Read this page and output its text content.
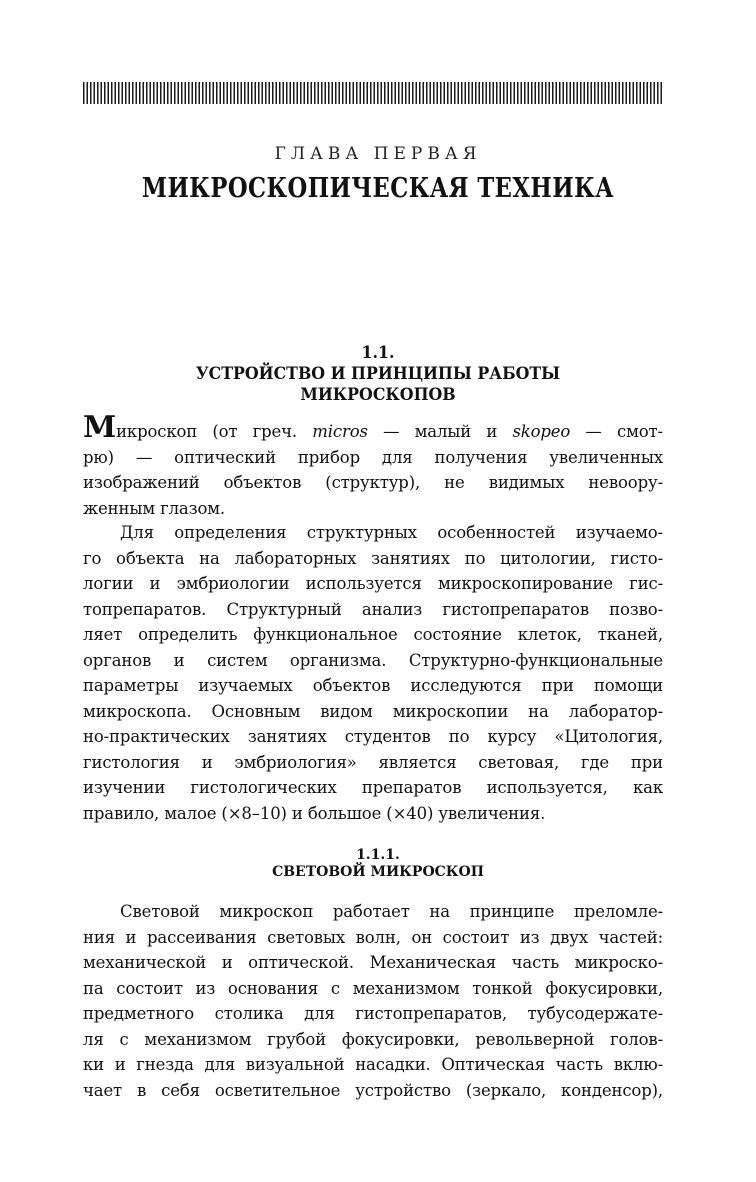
ГЛАВА ПЕРВАЯ
МИКРОСКОПИЧЕСКАЯ ТЕХНИКА
1.1.
УСТРОЙСТВО И ПРИНЦИПЫ РАБОТЫ
МИКРОСКОПОВ
Микроскоп (от греч. micros — малый и skopeo — смот-
рю) — оптический прибор для получения увеличенных
изображений объектов (структур), не видимых невоору-
женным глазом.
Для определения структурных особенностей изучаемо-
го объекта на лабораторных занятиях по цитологии, гисто-
логии и эмбриологии используется микроскопирование гис-
топрепаратов. Структурный анализ гистопрепаратов позво-
ляет определить функциональное состояние клеток, тканей,
органов и систем организма. Структурно-функциональные
параметры изучаемых объектов исследуются при помощи
микроскопа. Основным видом микроскопии на лаборатор-
но-практических занятиях студентов по курсу «Цитология,
гистология и эмбриология» является световая, где при
изучении гистологических препаратов используется, как
правило, малое (×8–10) и большое (×40) увеличения.
1.1.1.
СВЕТОВОЙ МИКРОСКОП
Световой микроскоп работает на принципе преломле-
ния и рассеивания световых волн, он состоит из двух частей:
механической и оптической. Механическая часть микроско-
па состоит из основания с механизмом тонкой фокусировки,
предметного столика для гистопрепаратов, тубусодержате-
ля с механизмом грубой фокусировки, револьверной голов-
ки и гнезда для визуальной насадки. Оптическая часть вклю-
чает в себя осветительное устройство (зеркало, конденсор),
